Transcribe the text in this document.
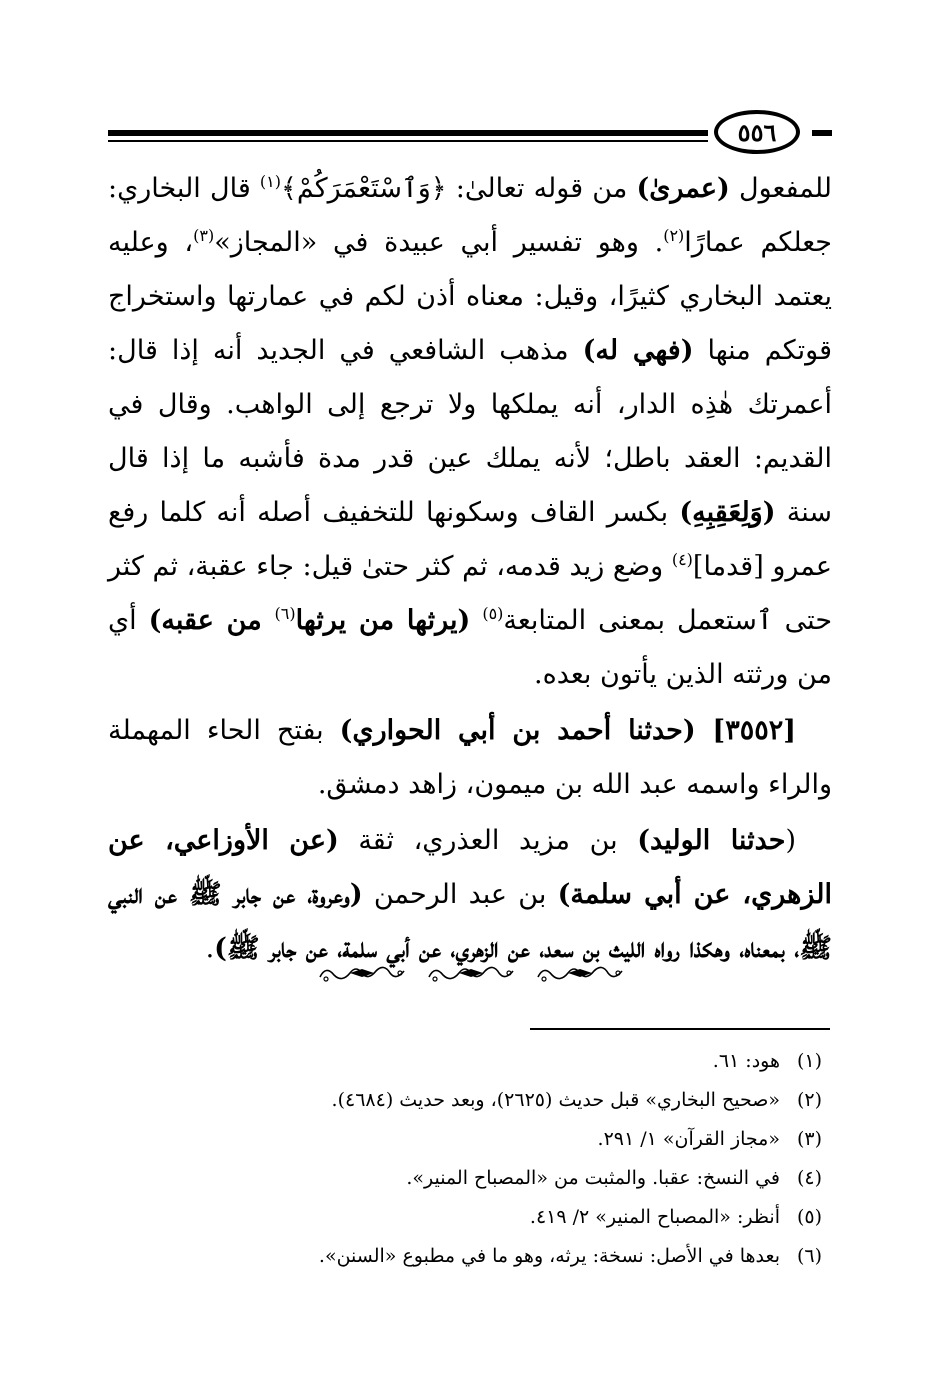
٥٥٦

للمفعول (عمرىٰ) من قوله تعالىٰ: ﴿وَٱسْتَعْمَرَكُمْ﴾$^{(١)}$ قال البخاري: جعلكم عمارًا$^{(٢)}$. وهو تفسير أبي عبيدة في «المجاز»$^{(٣)}$، وعليه يعتمد البخاري كثيرًا، وقيل: معناه أذن لكم في عمارتها واستخراج قوتكم منها (فهي له) مذهب الشافعي في الجديد أنه إذا قال: أعمرتك هٰذِه الدار، أنه يملكها ولا ترجع إلى الواهب. وقال في القديم: العقد باطل؛ لأنه يملك عين قدر مدة فأشبه ما إذا قال سنة (وَلِعَقِبِهِ) بكسر القاف وسكونها للتخفيف أصله أنه كلما رفع عمرو [قدما]$^{(٤)}$ وضع زيد قدمه، ثم كثر حتىٰ قيل: جاء عقبة، ثم كثر حتى ٱستعمل بمعنى المتابعة$^{(٥)}$ (يرثها من يرثها$^{(٦)}$ من عقبه) أي من ورثته الذين يأتون بعده.

[٣٥٥٢] (حدثنا أحمد بن أبي الحواري) بفتح الحاء المهملة والراء واسمه عبد الله بن ميمون، زاهد دمشق.

(حدثنا الوليد) بن مزيد العذري، ثقة (عن الأوزاعي، عن الزهري، عن أبي سلمة) بن عبد الرحمن (وعروة، عن جابر ﷺ عن النبي ﷺ، بمعناه، وهكذا رواه الليث بن سعد، عن الزهري، عن أبي سلمة، عن جابر ﷺ).

(١)
هود: ٦١.
(٢)
«صحيح البخاري» قبل حديث (٢٦٢٥)، وبعد حديث (٤٦٨٤).
(٣)
«مجاز القرآن» ١/ ٢٩١.
(٤)
في النسخ: عقبا. والمثبت من «المصباح المنير».
(٥)
أنظر: «المصباح المنير» ٢/ ٤١٩.
(٦)
بعدها في الأصل: نسخة: يرثه، وهو ما في مطبوع «السنن».
